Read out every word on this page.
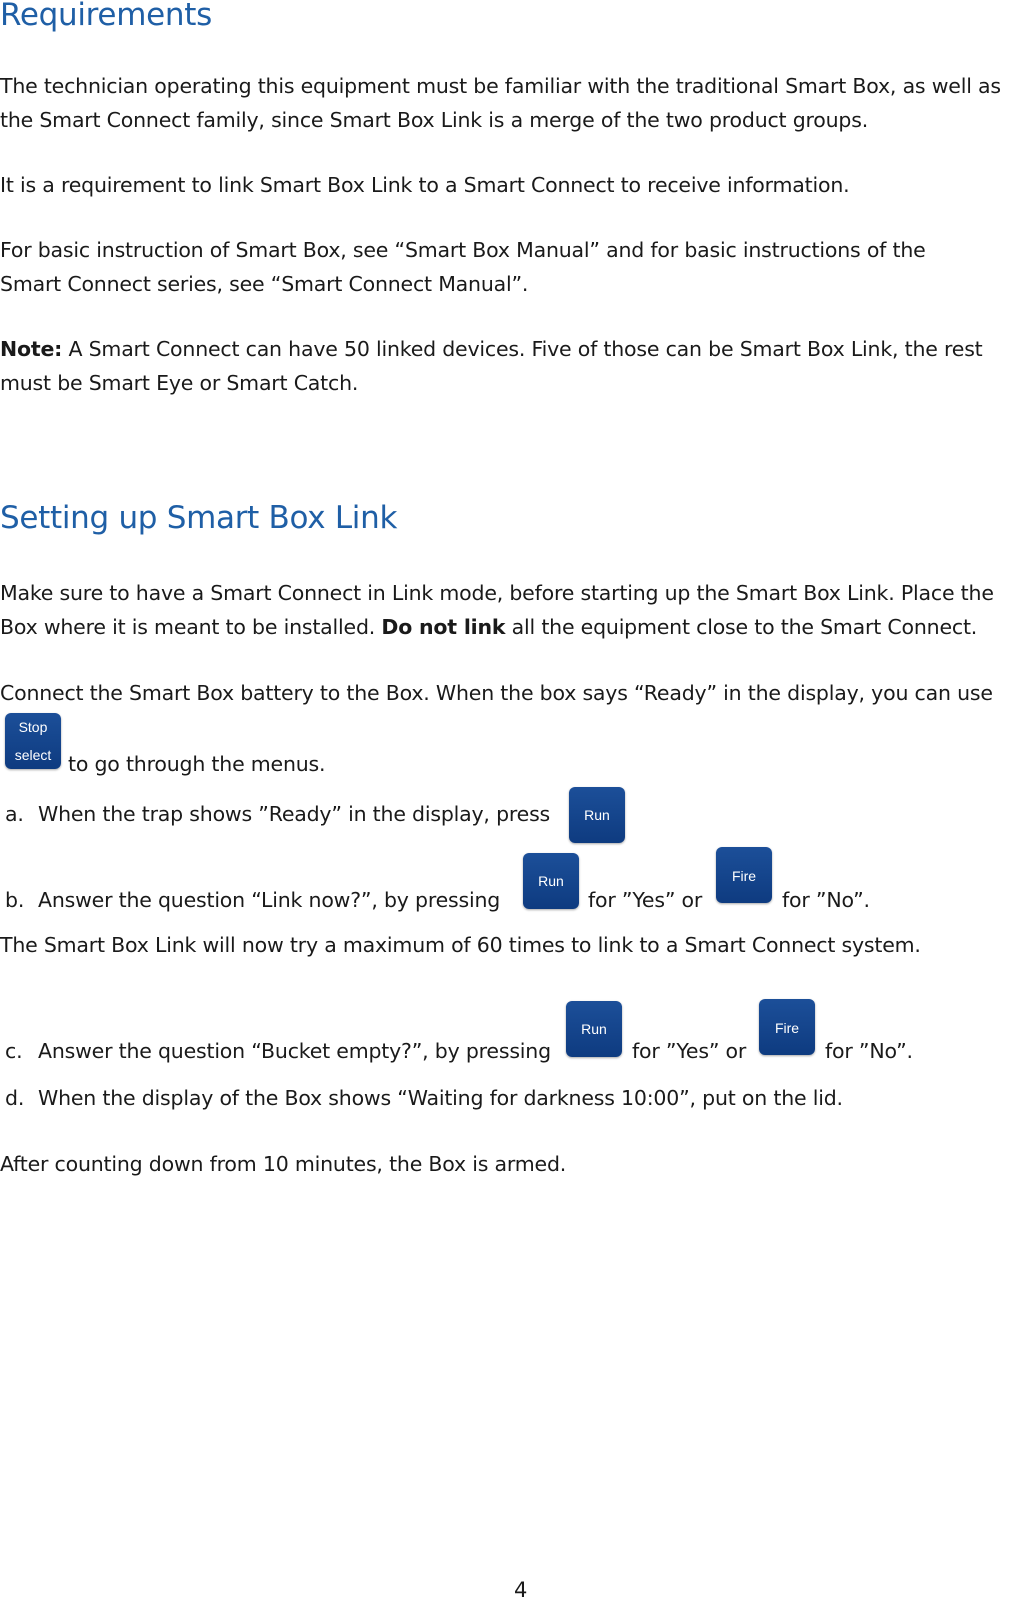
Requirements

The technician operating this equipment must be familiar with the traditional Smart Box, as well as the Smart Connect family, since Smart Box Link is a merge of the two product groups.

It is a requirement to link Smart Box Link to a Smart Connect to receive information.

For basic instruction of Smart Box, see “Smart Box Manual” and for basic instructions of the Smart Connect series, see “Smart Connect Manual”.

Note: A Smart Connect can have 50 linked devices. Five of those can be Smart Box Link, the rest must be Smart Eye or Smart Catch.

Setting up Smart Box Link

Make sure to have a Smart Connect in Link mode, before starting up the Smart Box Link. Place the Box where it is meant to be installed. Do not link all the equipment close to the Smart Connect.

Connect the Smart Box battery to the Box. When the box says “Ready” in the display, you can use

Stop

select to go through the menus.

a. When the trap shows ”Ready” in the display, press Run
b. Answer the question “Link now?”, by pressing	for ”Yes” or	for ”No”.
Run	Fire

The Smart Box Link will now try a maximum of 60 times to link to a Smart Connect system.

c. Answer the question “Bucket empty?”, by pressing	for ”Yes” or	for ”No”.
Run	Fire
d. When the display of the Box shows “Waiting for darkness 10:00”, put on the lid.

After counting down from 10 minutes, the Box is armed.

4
